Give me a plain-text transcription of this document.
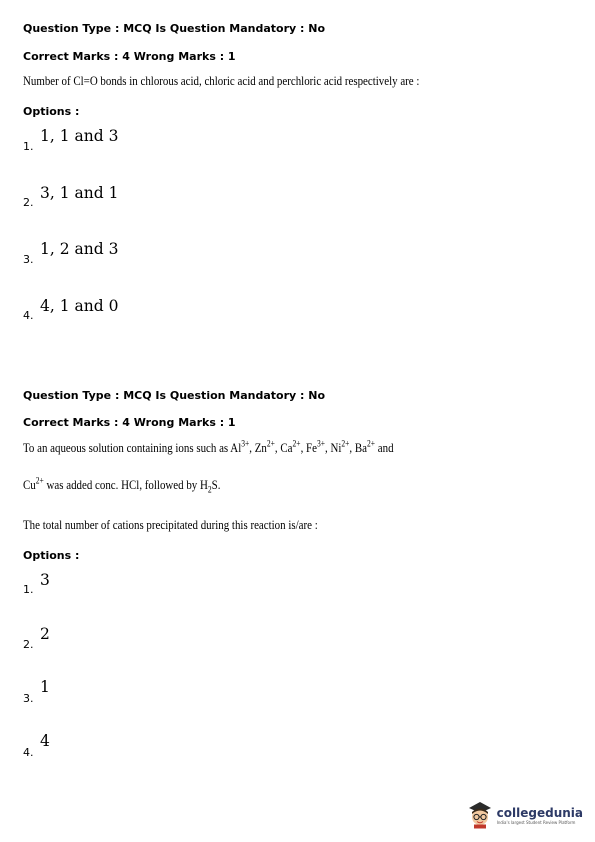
Question Type : MCQ Is Question Mandatory : No
Correct Marks : 4 Wrong Marks : 1
Number of Cl=O bonds in chlorous acid, chloric acid and perchloric acid respectively are :
Options :
1.
1, 1 and 3
2.
3, 1 and 1
3.
1, 2 and 3
4.
4, 1 and 0
Question Type : MCQ Is Question Mandatory : No
Correct Marks : 4 Wrong Marks : 1
To an aqueous solution containing ions such as $Al^{3+}$, $Zn^{2+}$, $Ca^{2+}$, $Fe^{3+}$, $Ni^{2+}$, $Ba^{2+}$ and
$Cu^{2+}$ was added conc. HCl, followed by $H_2S$.
The total number of cations precipitated during this reaction is/are :
Options :
1.
3
2.
2
3.
1
4.
4
collegedunia
India's largest Student Review Platform
